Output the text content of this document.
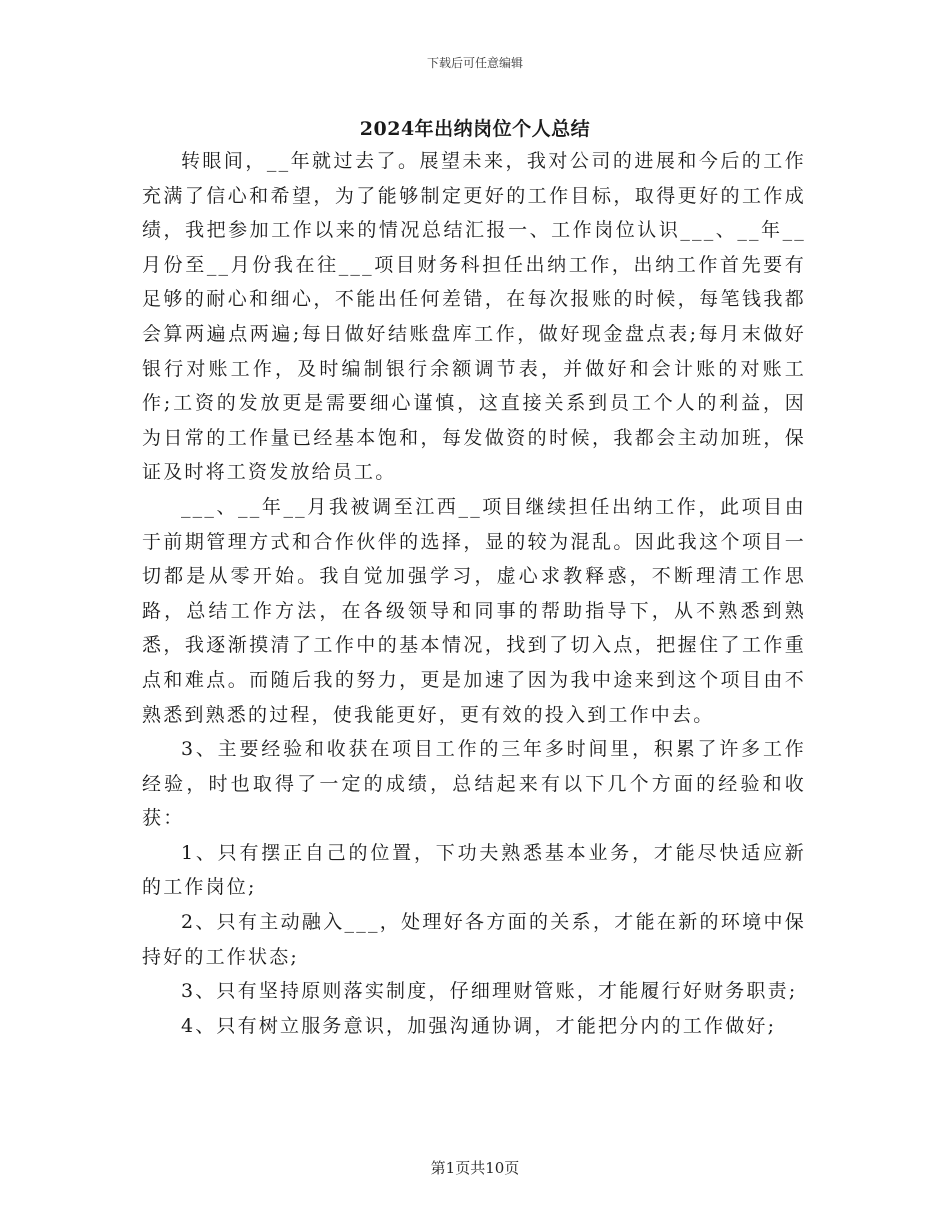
下载后可任意编辑
2024年出纳岗位个人总结

转眼间，__年就过去了。展望未来，我对公司的进展和今后的工作充满了信心和希望，为了能够制定更好的工作目标，取得更好的工作成绩，我把参加工作以来的情况总结汇报一、工作岗位认识___、__年__月份至__月份我在往___项目财务科担任出纳工作，出纳工作首先要有足够的耐心和细心，不能出任何差错，在每次报账的时候，每笔钱我都会算两遍点两遍;每日做好结账盘库工作，做好现金盘点表;每月末做好银行对账工作，及时编制银行余额调节表，并做好和会计账的对账工作;工资的发放更是需要细心谨慎，这直接关系到员工个人的利益，因为日常的工作量已经基本饱和，每发做资的时候，我都会主动加班，保证及时将工资发放给员工。

___、__年__月我被调至江西__项目继续担任出纳工作，此项目由于前期管理方式和合作伙伴的选择，显的较为混乱。因此我这个项目一切都是从零开始。我自觉加强学习，虚心求教释惑，不断理清工作思路，总结工作方法，在各级领导和同事的帮助指导下，从不熟悉到熟悉，我逐渐摸清了工作中的基本情况，找到了切入点，把握住了工作重点和难点。而随后我的努力，更是加速了因为我中途来到这个项目由不熟悉到熟悉的过程，使我能更好，更有效的投入到工作中去。

3、主要经验和收获在项目工作的三年多时间里，积累了许多工作经验，时也取得了一定的成绩，总结起来有以下几个方面的经验和收获：

1、只有摆正自己的位置，下功夫熟悉基本业务，才能尽快适应新的工作岗位;

2、只有主动融入___，处理好各方面的关系，才能在新的环境中保持好的工作状态;

3、只有坚持原则落实制度，仔细理财管账，才能履行好财务职责;

4、只有树立服务意识，加强沟通协调，才能把分内的工作做好;

第1页共10页
